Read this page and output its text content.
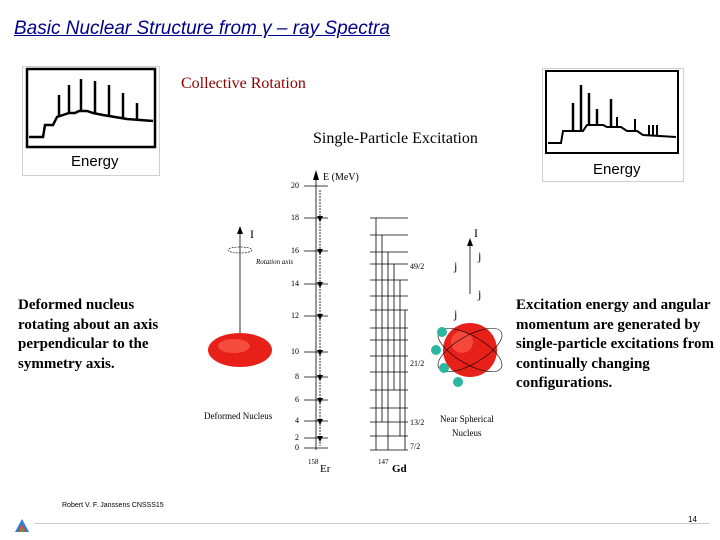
Basic Nuclear Structure from γ – ray Spectra
Energy
Collective Rotation
Single-Particle Excitation
Energy
E (MeV)
20
18
16
14
12
10
8
6
4
2
0
49/2
21/2
13/2
7/2
I
Rotation axis
Deformed Nucleus
I
j
j
j
j
Near Spherical
Nucleus
158
Er
147
Gd
Deformed nucleus rotating about an axis perpendicular to the symmetry axis.
Excitation energy and angular momentum are generated by single-particle excitations from continually changing configurations.
Robert V. F. Janssens CNSSS15
14
